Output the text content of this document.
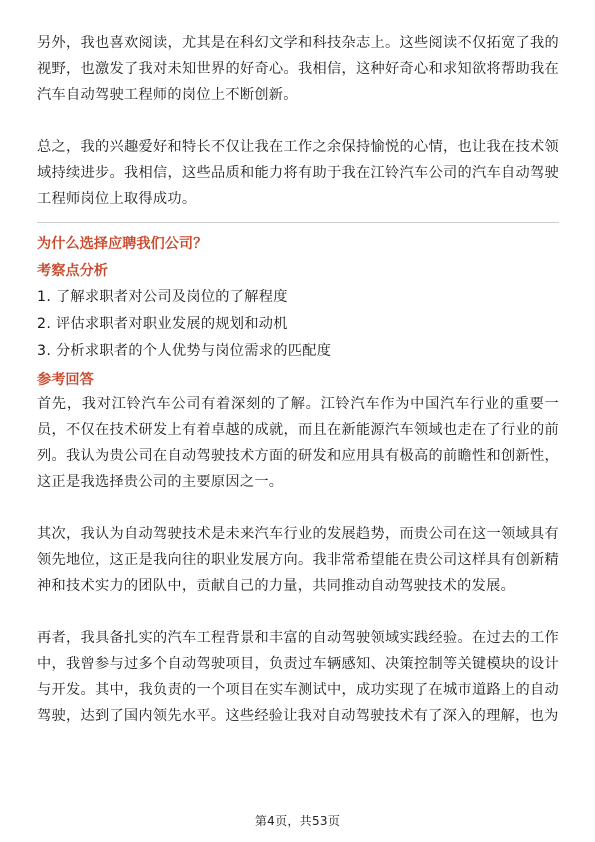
另外，我也喜欢阅读，尤其是在科幻文学和科技杂志上。这些阅读不仅拓宽了我的视野，也激发了我对未知世界的好奇心。我相信，这种好奇心和求知欲将帮助我在汽车自动驾驶工程师的岗位上不断创新。

总之，我的兴趣爱好和特长不仅让我在工作之余保持愉悦的心情，也让我在技术领域持续进步。我相信，这些品质和能力将有助于我在江铃汽车公司的汽车自动驾驶工程师岗位上取得成功。

为什么选择应聘我们公司？
考察点分析
1. 了解求职者对公司及岗位的了解程度
2. 评估求职者对职业发展的规划和动机
3. 分析求职者的个人优势与岗位需求的匹配度
参考回答

首先，我对江铃汽车公司有着深刻的了解。江铃汽车作为中国汽车行业的重要一员，不仅在技术研发上有着卓越的成就，而且在新能源汽车领域也走在了行业的前列。我认为贵公司在自动驾驶技术方面的研发和应用具有极高的前瞻性和创新性，这正是我选择贵公司的主要原因之一。

其次，我认为自动驾驶技术是未来汽车行业的发展趋势，而贵公司在这一领域具有领先地位，这正是我向往的职业发展方向。我非常希望能在贵公司这样具有创新精神和技术实力的团队中，贡献自己的力量，共同推动自动驾驶技术的发展。

再者，我具备扎实的汽车工程背景和丰富的自动驾驶领域实践经验。在过去的工作中，我曾参与过多个自动驾驶项目，负责过车辆感知、决策控制等关键模块的设计与开发。其中，我负责的一个项目在实车测试中，成功实现了在城市道路上的自动驾驶，达到了国内领先水平。这些经验让我对自动驾驶技术有了深入的理解，也为

第4页，共53页
